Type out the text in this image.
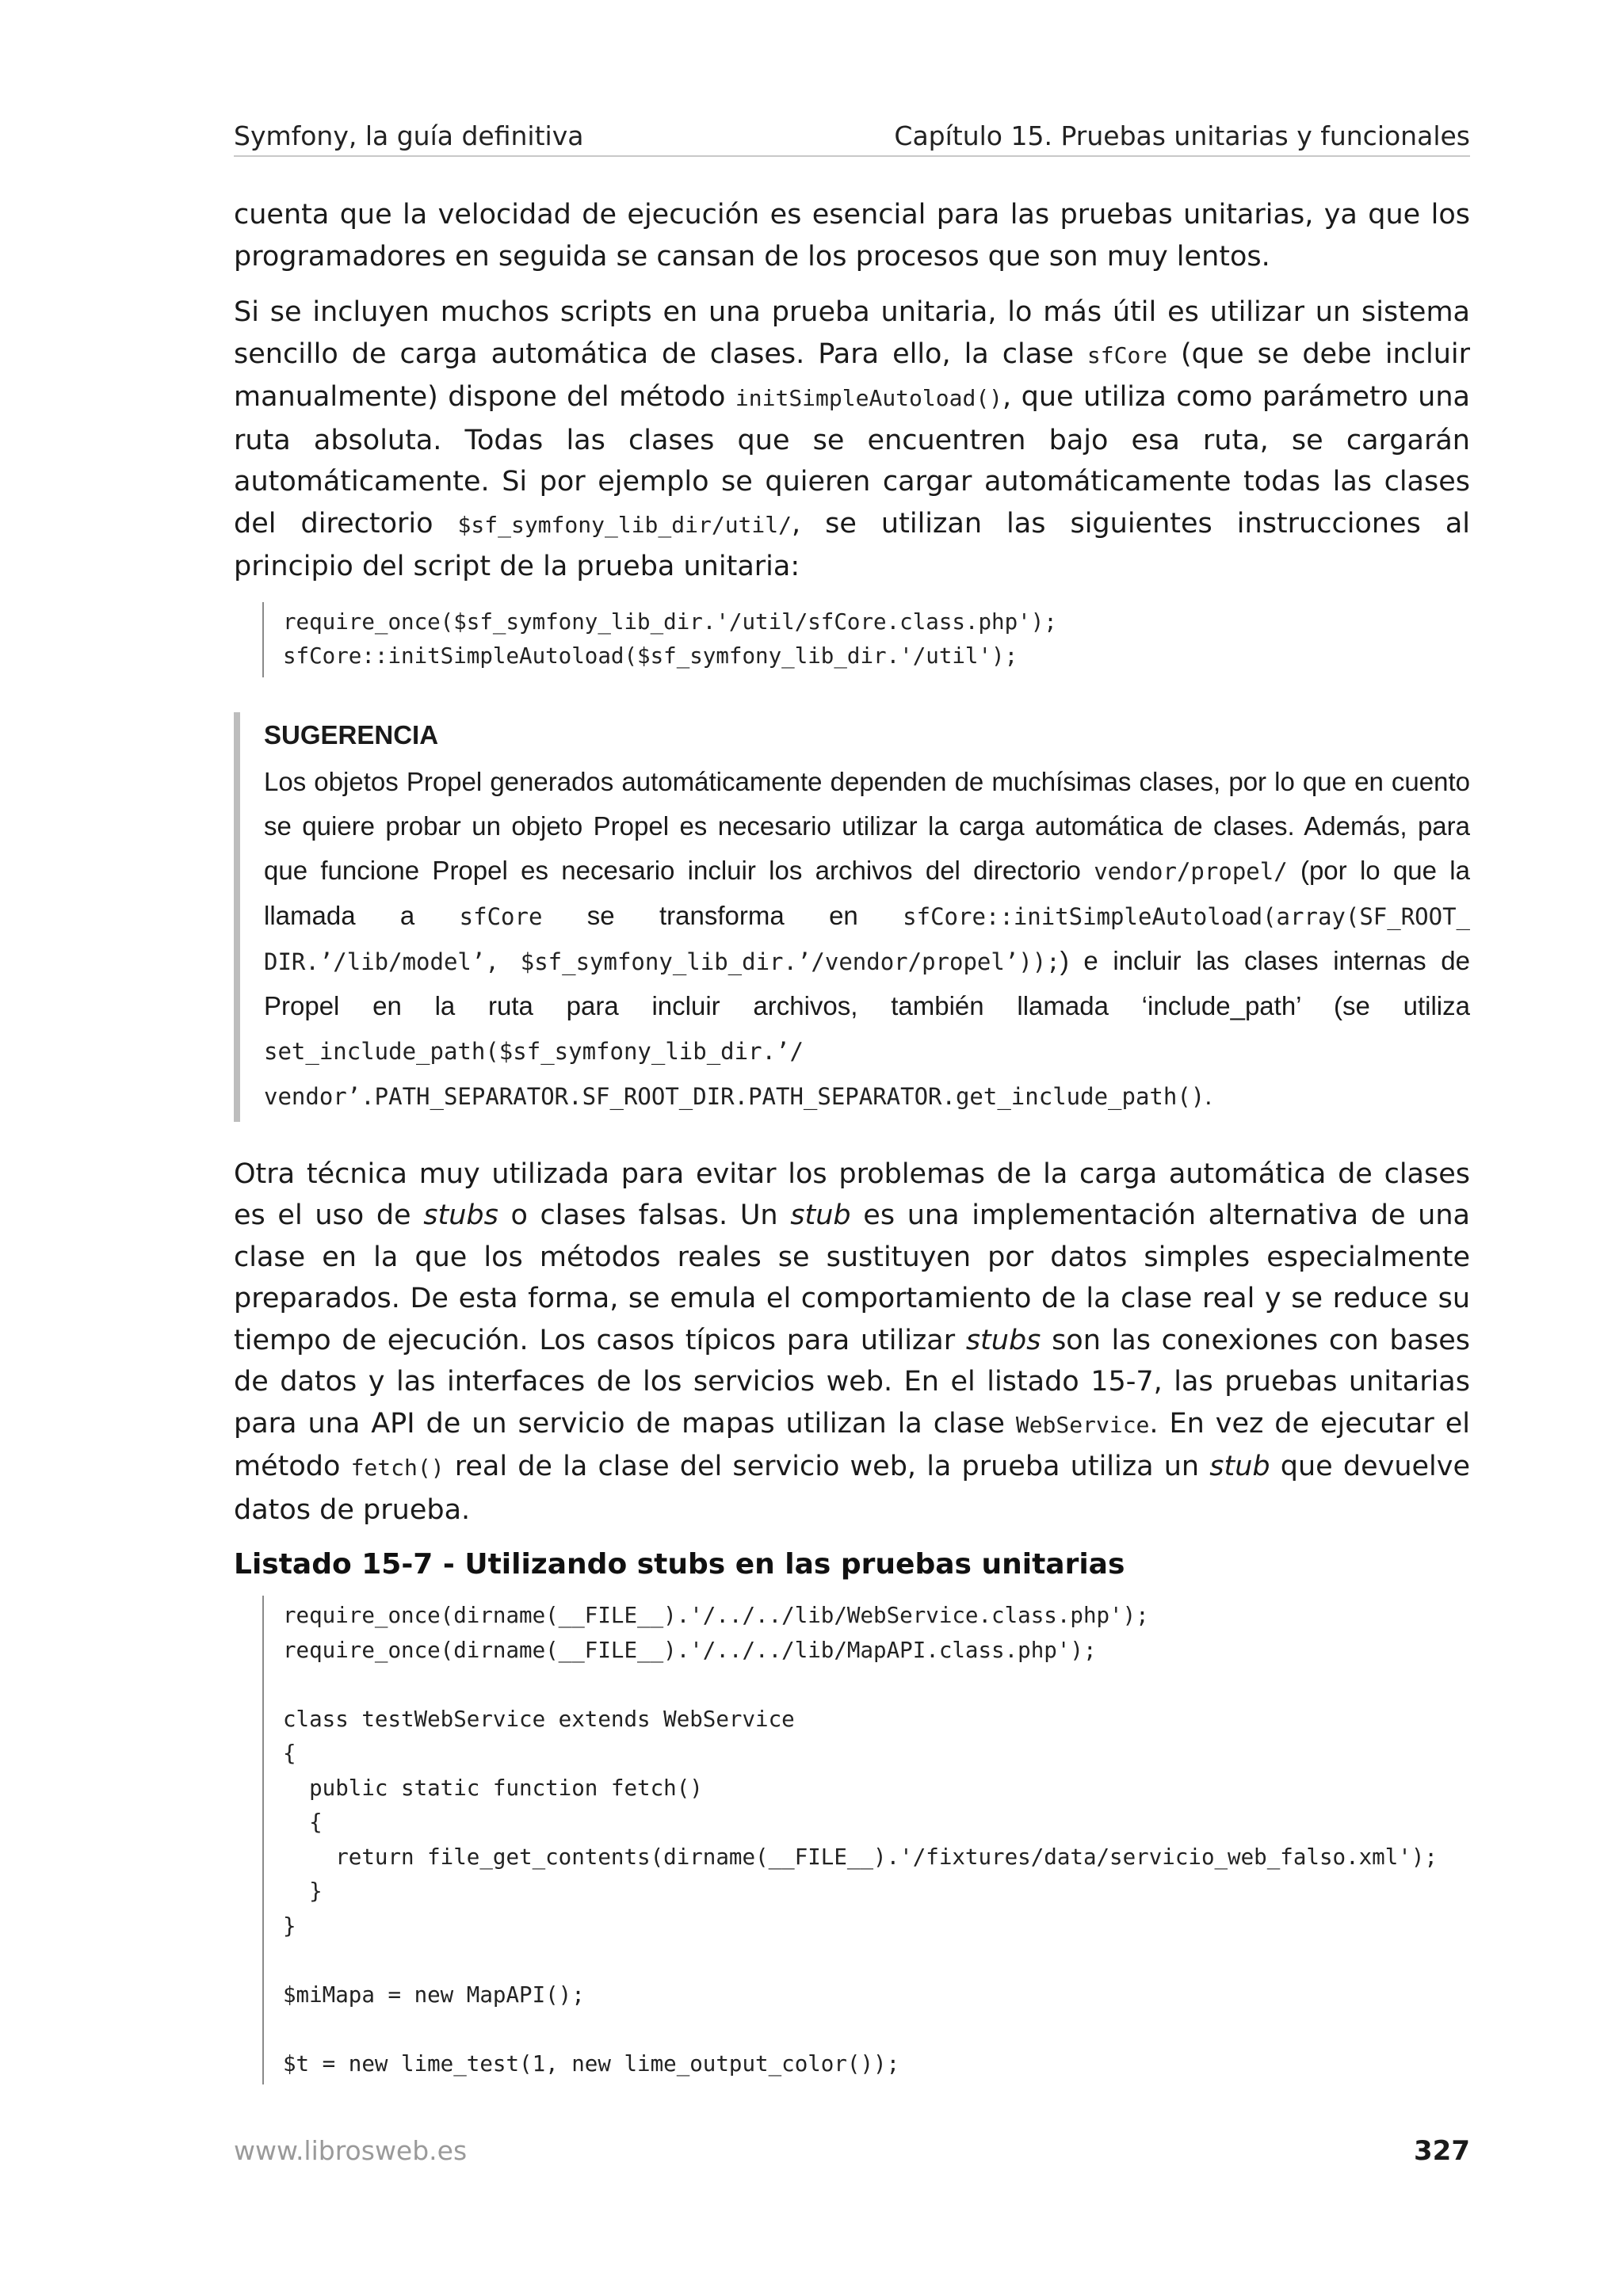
Symfony, la guía definitiva	Capítulo 15. Pruebas unitarias y funcionales

cuenta que la velocidad de ejecución es esencial para las pruebas unitarias, ya que los programadores en seguida se cansan de los procesos que son muy lentos.

Si se incluyen muchos scripts en una prueba unitaria, lo más útil es utilizar un sistema sencillo de carga automática de clases. Para ello, la clase sfCore (que se debe incluir manualmente) dispone del método initSimpleAutoload(), que utiliza como parámetro una ruta absoluta. Todas las clases que se encuentren bajo esa ruta, se cargarán automáticamente. Si por ejemplo se quieren cargar automáticamente todas las clases del directorio $sf_symfony_lib_dir/util/, se utilizan las siguientes instrucciones al principio del script de la prueba unitaria:

require_once($sf_symfony_lib_dir.'/util/sfCore.class.php');
sfCore::initSimpleAutoload($sf_symfony_lib_dir.'/util');
SUGERENCIA
Los objetos Propel generados automáticamente dependen de muchísimas clases, por lo que en cuento se quiere probar un objeto Propel es necesario utilizar la carga automática de clases. Además, para que funcione Propel es necesario incluir los archivos del directorio vendor/propel/ (por lo que la llamada a sfCore se transforma en sfCore::initSimpleAutoload(array(SF_ROOT_ DIR.’/lib/model’, $sf_symfony_lib_dir.’/vendor/propel’));) e incluir las clases internas de Propel en la ruta para incluir archivos, también llamada ‘include_path’ (se utiliza set_include_path($sf_symfony_lib_dir.’/ vendor’.PATH_SEPARATOR.SF_ROOT_DIR.PATH_SEPARATOR.get_include_path().

Otra técnica muy utilizada para evitar los problemas de la carga automática de clases es el uso de stubs o clases falsas. Un stub es una implementación alternativa de una clase en la que los métodos reales se sustituyen por datos simples especialmente preparados. De esta forma, se emula el comportamiento de la clase real y se reduce su tiempo de ejecución. Los casos típicos para utilizar stubs son las conexiones con bases de datos y las interfaces de los servicios web. En el listado 15-7, las pruebas unitarias para una API de un servicio de mapas utilizan la clase WebService. En vez de ejecutar el método fetch() real de la clase del servicio web, la prueba utiliza un stub que devuelve datos de prueba.

Listado 15-7 - Utilizando stubs en las pruebas unitarias
require_once(dirname(__FILE__).'/../../lib/WebService.class.php');
require_once(dirname(__FILE__).'/../../lib/MapAPI.class.php');
class testWebService extends WebService
{
public static function fetch()
{
return file_get_contents(dirname(__FILE__).'/fixtures/data/servicio_web_falso.xml');
}
}
$miMapa = new MapAPI();
$t = new lime_test(1, new lime_output_color());
www.librosweb.es	327
